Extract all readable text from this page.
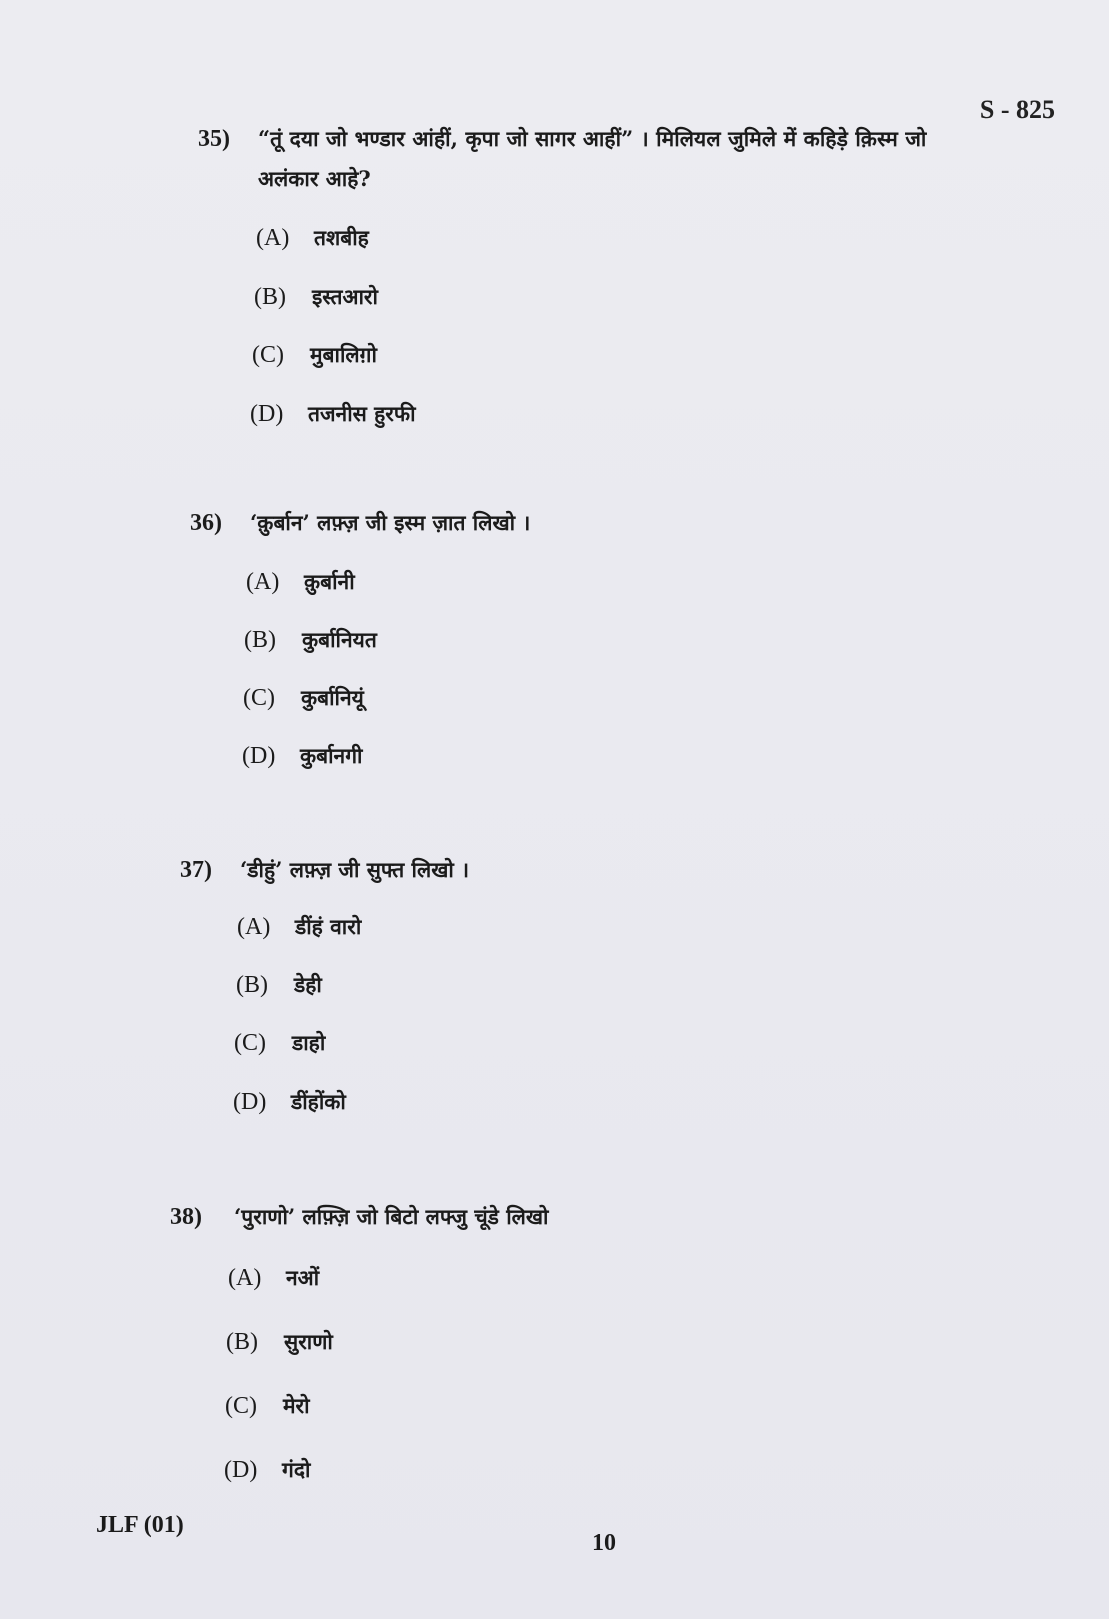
S - 825
35) “तूं दया जो भण्डार आंहीं, कृपा जो सागर आहीं” । मिलियल जुमिले में कहिड़े क़िस्म जो
अलंकार आहे?
(A) तशबीह
(B) इस्तआरो
(C) मुबालिग़ो
(D) तजनीस हुरफी
36) ‘क़ुर्बान’ लफ़्ज़ जी इस्म ज़ात लिखो ।
(A) क़ुर्बानी
(B) कुर्बानियत
(C) कुर्बानियूं
(D) कुर्बानगी
37) ‘डीहुं’ लफ़्ज़ जी सुफ्त लिखो ।
(A) डींहं वारो
(B) डेही
(C) डाहो
(D) डींहोंको
38) ‘पुराणो’ लफ़्ज़ि जो बिटो लफ्जु चूंडे लिखो
(A) नओं
(B) सुराणो
(C) मेरो
(D) गंदो
JLF (01)
10
